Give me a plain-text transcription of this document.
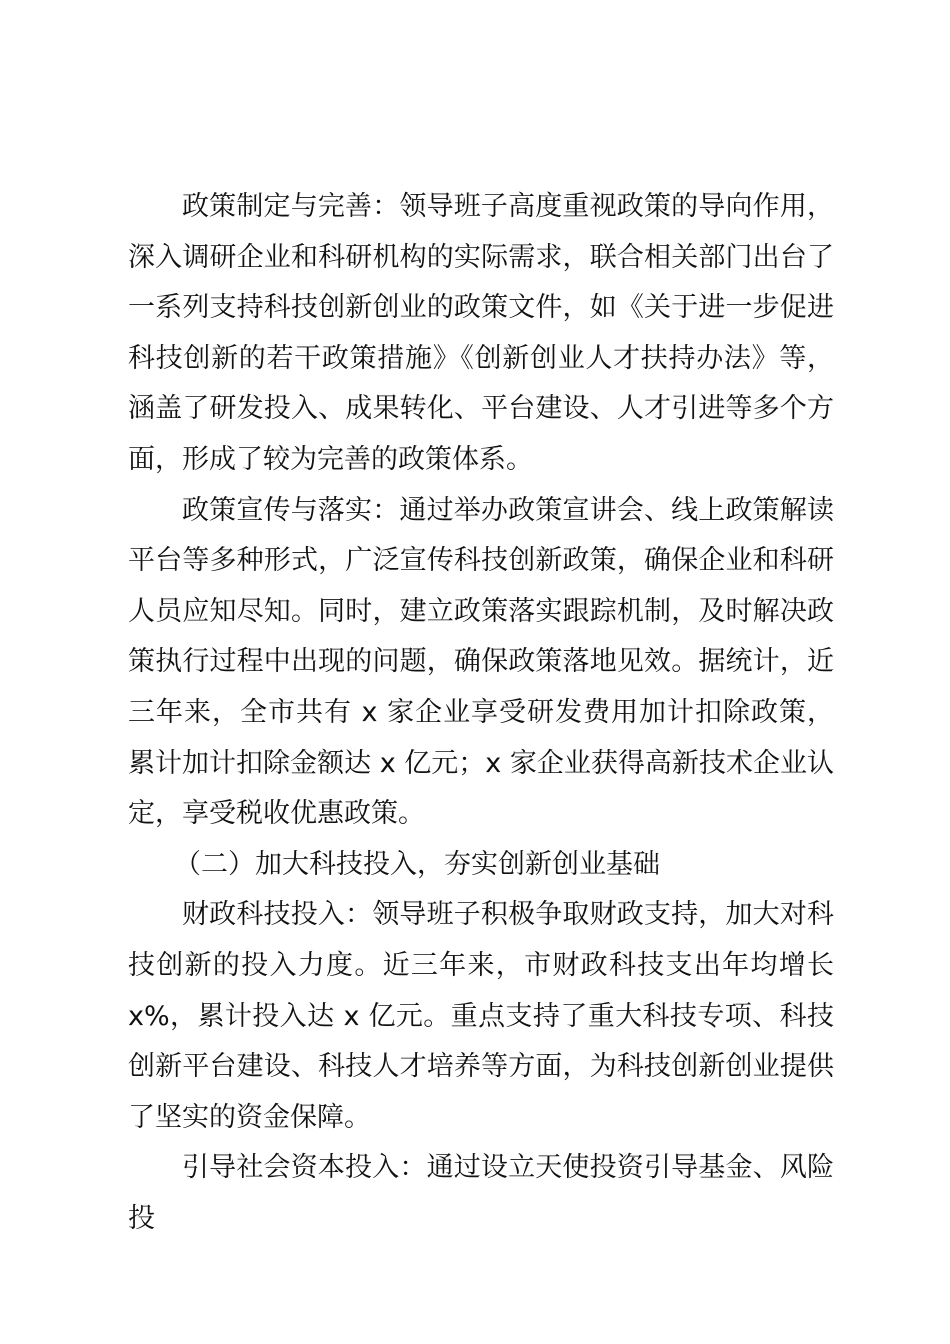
政策制定与完善：领导班子高度重视政策的导向作用，深入调研企业和科研机构的实际需求，联合相关部门出台了一系列支持科技创新创业的政策文件，如《关于进一步促进科技创新的若干政策措施》《创新创业人才扶持办法》等，涵盖了研发投入、成果转化、平台建设、人才引进等多个方面，形成了较为完善的政策体系。

政策宣传与落实：通过举办政策宣讲会、线上政策解读平台等多种形式，广泛宣传科技创新政策，确保企业和科研人员应知尽知。同时，建立政策落实跟踪机制，及时解决政策执行过程中出现的问题，确保政策落地见效。据统计，近三年来，全市共有 x 家企业享受研发费用加计扣除政策，累计加计扣除金额达 x 亿元；x 家企业获得高新技术企业认定，享受税收优惠政策。

（二）加大科技投入，夯实创新创业基础

财政科技投入：领导班子积极争取财政支持，加大对科技创新的投入力度。近三年来，市财政科技支出年均增长 x%，累计投入达 x 亿元。重点支持了重大科技专项、科技创新平台建设、科技人才培养等方面，为科技创新创业提供了坚实的资金保障。

引导社会资本投入：通过设立天使投资引导基金、风险投
